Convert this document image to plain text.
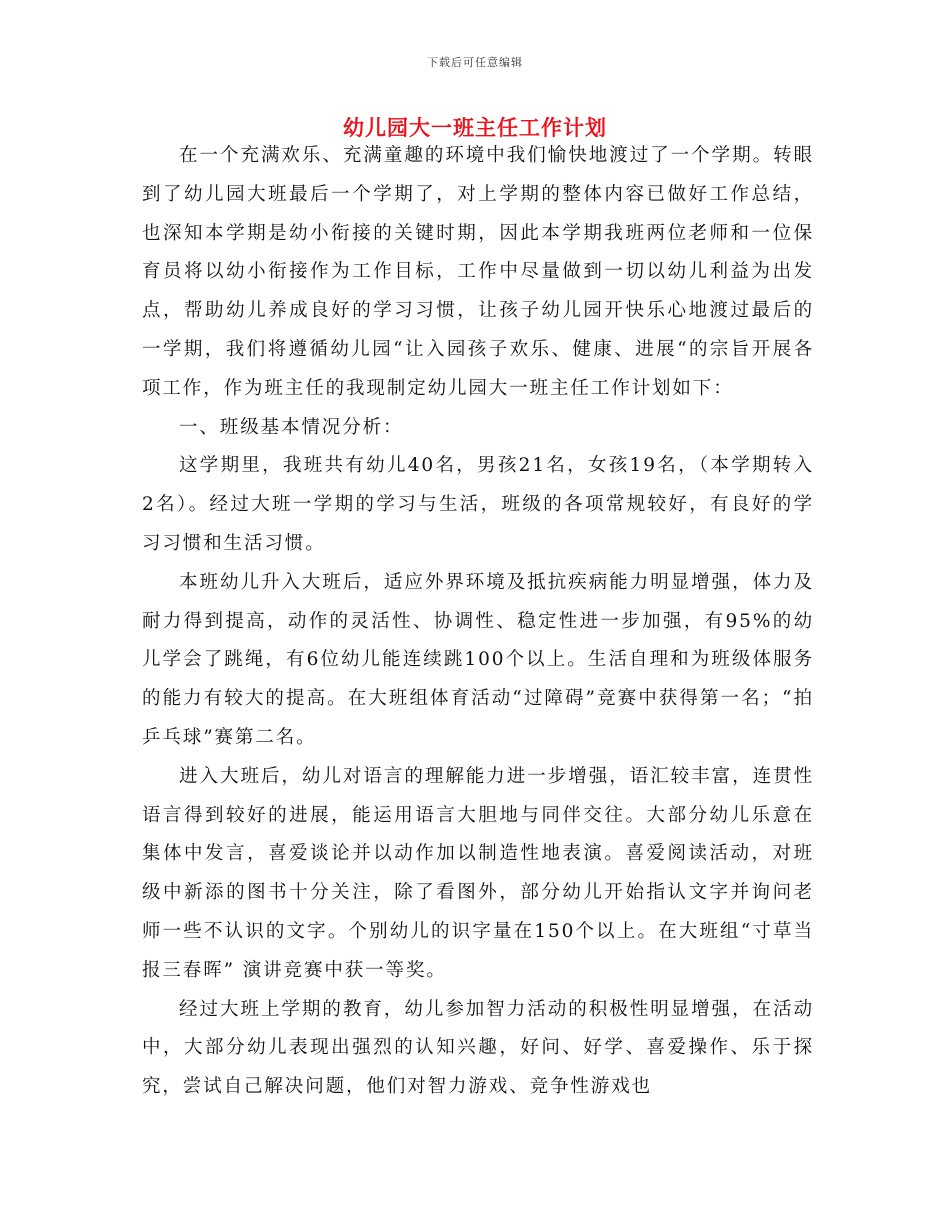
下载后可任意编辑
幼儿园大一班主任工作计划

在一个充满欢乐、充满童趣的环境中我们愉快地渡过了一个学期。转眼到了幼儿园大班最后一个学期了，对上学期的整体内容已做好工作总结，也深知本学期是幼小衔接的关键时期，因此本学期我班两位老师和一位保育员将以幼小衔接作为工作目标，工作中尽量做到一切以幼儿利益为出发点，帮助幼儿养成良好的学习习惯，让孩子幼儿园开快乐心地渡过最后的一学期，我们将遵循幼儿园“让入园孩子欢乐、健康、进展“的宗旨开展各项工作，作为班主任的我现制定幼儿园大一班主任工作计划如下：

一、班级基本情况分析：

这学期里，我班共有幼儿40名，男孩21名，女孩19名，（本学期转入2名）。经过大班一学期的学习与生活，班级的各项常规较好，有良好的学习习惯和生活习惯。

本班幼儿升入大班后，适应外界环境及抵抗疾病能力明显增强，体力及耐力得到提高，动作的灵活性、协调性、稳定性进一步加强，有95%的幼儿学会了跳绳，有6位幼儿能连续跳100个以上。生活自理和为班级体服务的能力有较大的提高。在大班组体育活动“过障碍”竞赛中获得第一名；“拍乒乓球”赛第二名。

进入大班后，幼儿对语言的理解能力进一步增强，语汇较丰富，连贯性语言得到较好的进展，能运用语言大胆地与同伴交往。大部分幼儿乐意在集体中发言，喜爱谈论并以动作加以制造性地表演。喜爱阅读活动，对班级中新添的图书十分关注，除了看图外，部分幼儿开始指认文字并询问老师一些不认识的文字。个别幼儿的识字量在150个以上。在大班组“寸草当报三春晖” 演讲竞赛中获一等奖。

经过大班上学期的教育，幼儿参加智力活动的积极性明显增强，在活动中，大部分幼儿表现出强烈的认知兴趣，好问、好学、喜爱操作、乐于探究，尝试自己解决问题，他们对智力游戏、竞争性游戏也
